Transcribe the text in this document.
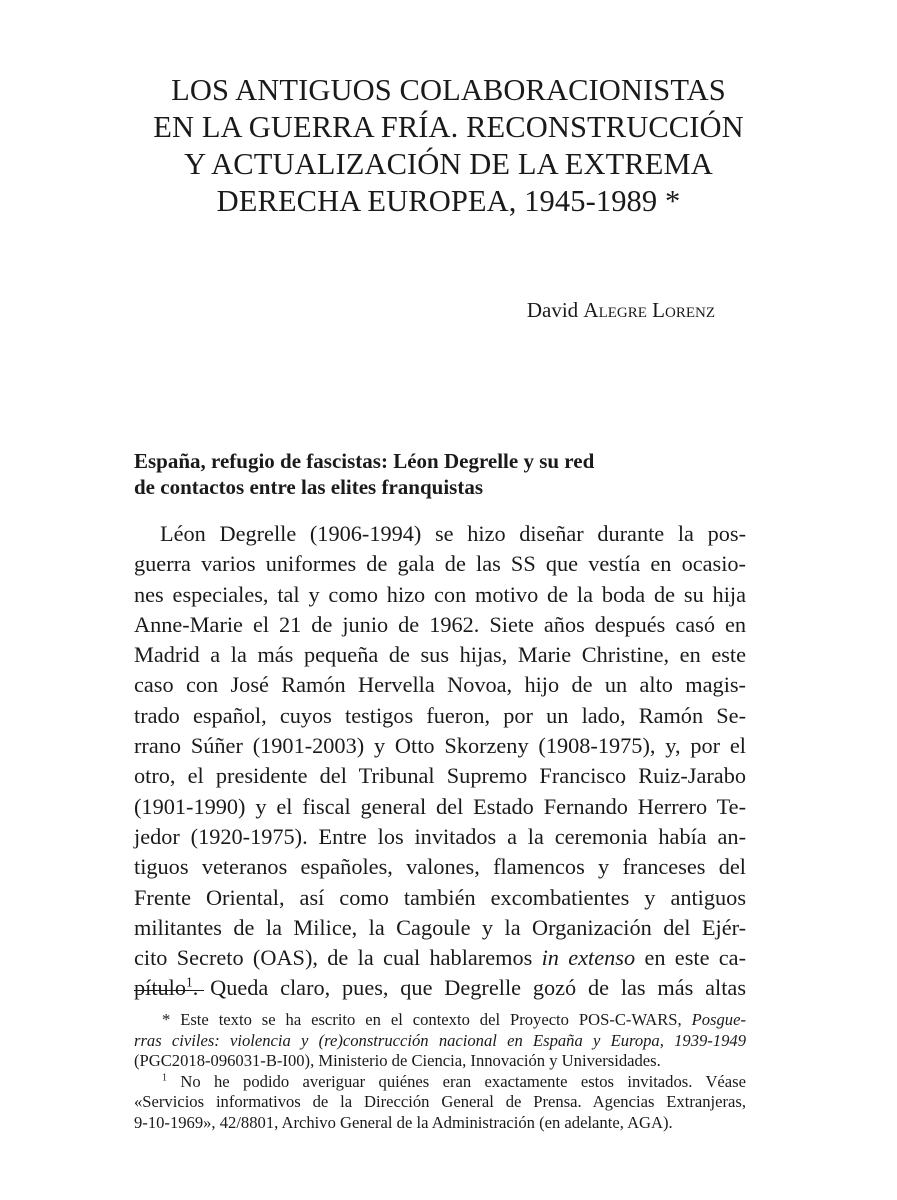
LOS ANTIGUOS COLABORACIONISTAS
EN LA GUERRA FRÍA. RECONSTRUCCIÓN
Y ACTUALIZACIÓN DE LA EXTREMA
DERECHA EUROPEA, 1945-1989 *
David Alegre Lorenz
España, refugio de fascistas: Léon Degrelle y su red
de contactos entre las elites franquistas
Léon Degrelle (1906-1994) se hizo diseñar durante la pos-
guerra varios uniformes de gala de las SS que vestía en ocasio-
nes especiales, tal y como hizo con motivo de la boda de su hija
Anne-Marie el 21 de junio de 1962. Siete años después casó en
Madrid a la más pequeña de sus hijas, Marie Christine, en este
caso con José Ramón Hervella Novoa, hijo de un alto magis-
trado español, cuyos testigos fueron, por un lado, Ramón Se-
rrano Súñer (1901-2003) y Otto Skorzeny (1908-1975), y, por el
otro, el presidente del Tribunal Supremo Francisco Ruiz-Jarabo
(1901-1990) y el fiscal general del Estado Fernando Herrero Te-
jedor (1920-1975). Entre los invitados a la ceremonia había an-
tiguos veteranos españoles, valones, flamencos y franceses del
Frente Oriental, así como también excombatientes y antiguos
militantes de la Milice, la Cagoule y la Organización del Ejér-
cito Secreto (OAS), de la cual hablaremos in extenso en este ca-
pítulo$^1$. Queda claro, pues, que Degrelle gozó de las más altas
* Este texto se ha escrito en el contexto del Proyecto POS-C-WARS, Posgue-
rras civiles: violencia y (re)construcción nacional en España y Europa, 1939-1949
(PGC2018-096031-B-I00), Ministerio de Ciencia, Innovación y Universidades.
$^1$ No he podido averiguar quiénes eran exactamente estos invitados. Véase
«Servicios informativos de la Dirección General de Prensa. Agencias Extranjeras,
9-10-1969», 42/8801, Archivo General de la Administración (en adelante, AGA).
